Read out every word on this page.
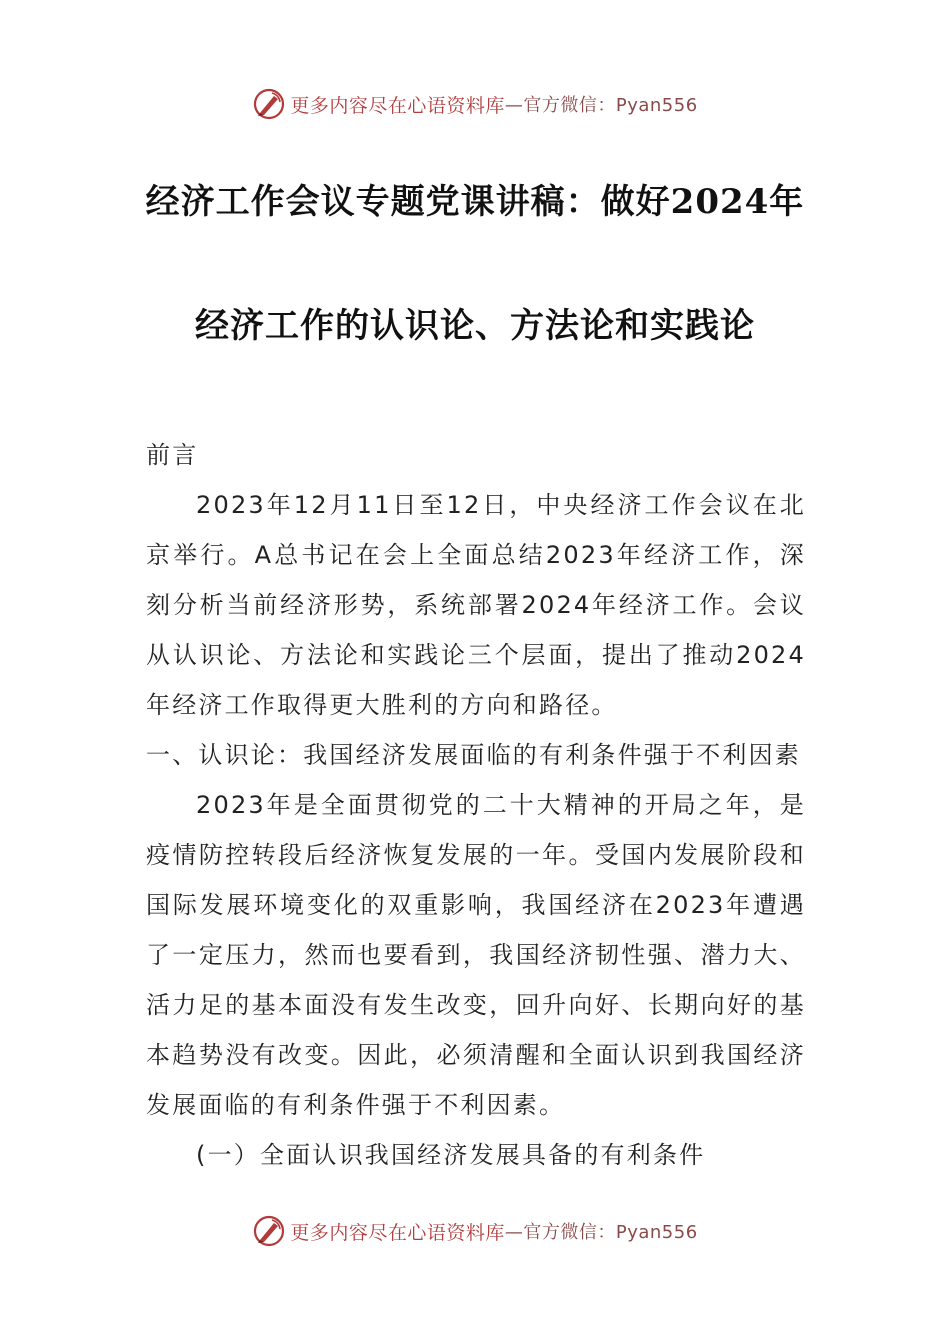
更多内容尽在心语资料库 —官方微信：Pyan556
经济工作会议专题党课讲稿：做好2024年
经济工作的认识论、方法论和实践论

前言

2023年12月11日至12日，中央经济工作会议在北京举行。A总书记在会上全面总结2023年经济工作，深刻分析当前经济形势，系统部署2024年经济工作。会议从认识论、方法论和实践论三个层面，提出了推动2024年经济工作取得更大胜利的方向和路径。

一、认识论：我国经济发展面临的有利条件强于不利因素

2023年是全面贯彻党的二十大精神的开局之年，是疫情防控转段后经济恢复发展的一年。受国内发展阶段和国际发展环境变化的双重影响，我国经济在2023年遭遇了一定压力，然而也要看到，我国经济韧性强、潜力大、活力足的基本面没有发生改变，回升向好、长期向好的基本趋势没有改变。因此，必须清醒和全面认识到我国经济发展面临的有利条件强于不利因素。

(一）全面认识我国经济发展具备的有利条件

更多内容尽在心语资料库 —官方微信：Pyan556
